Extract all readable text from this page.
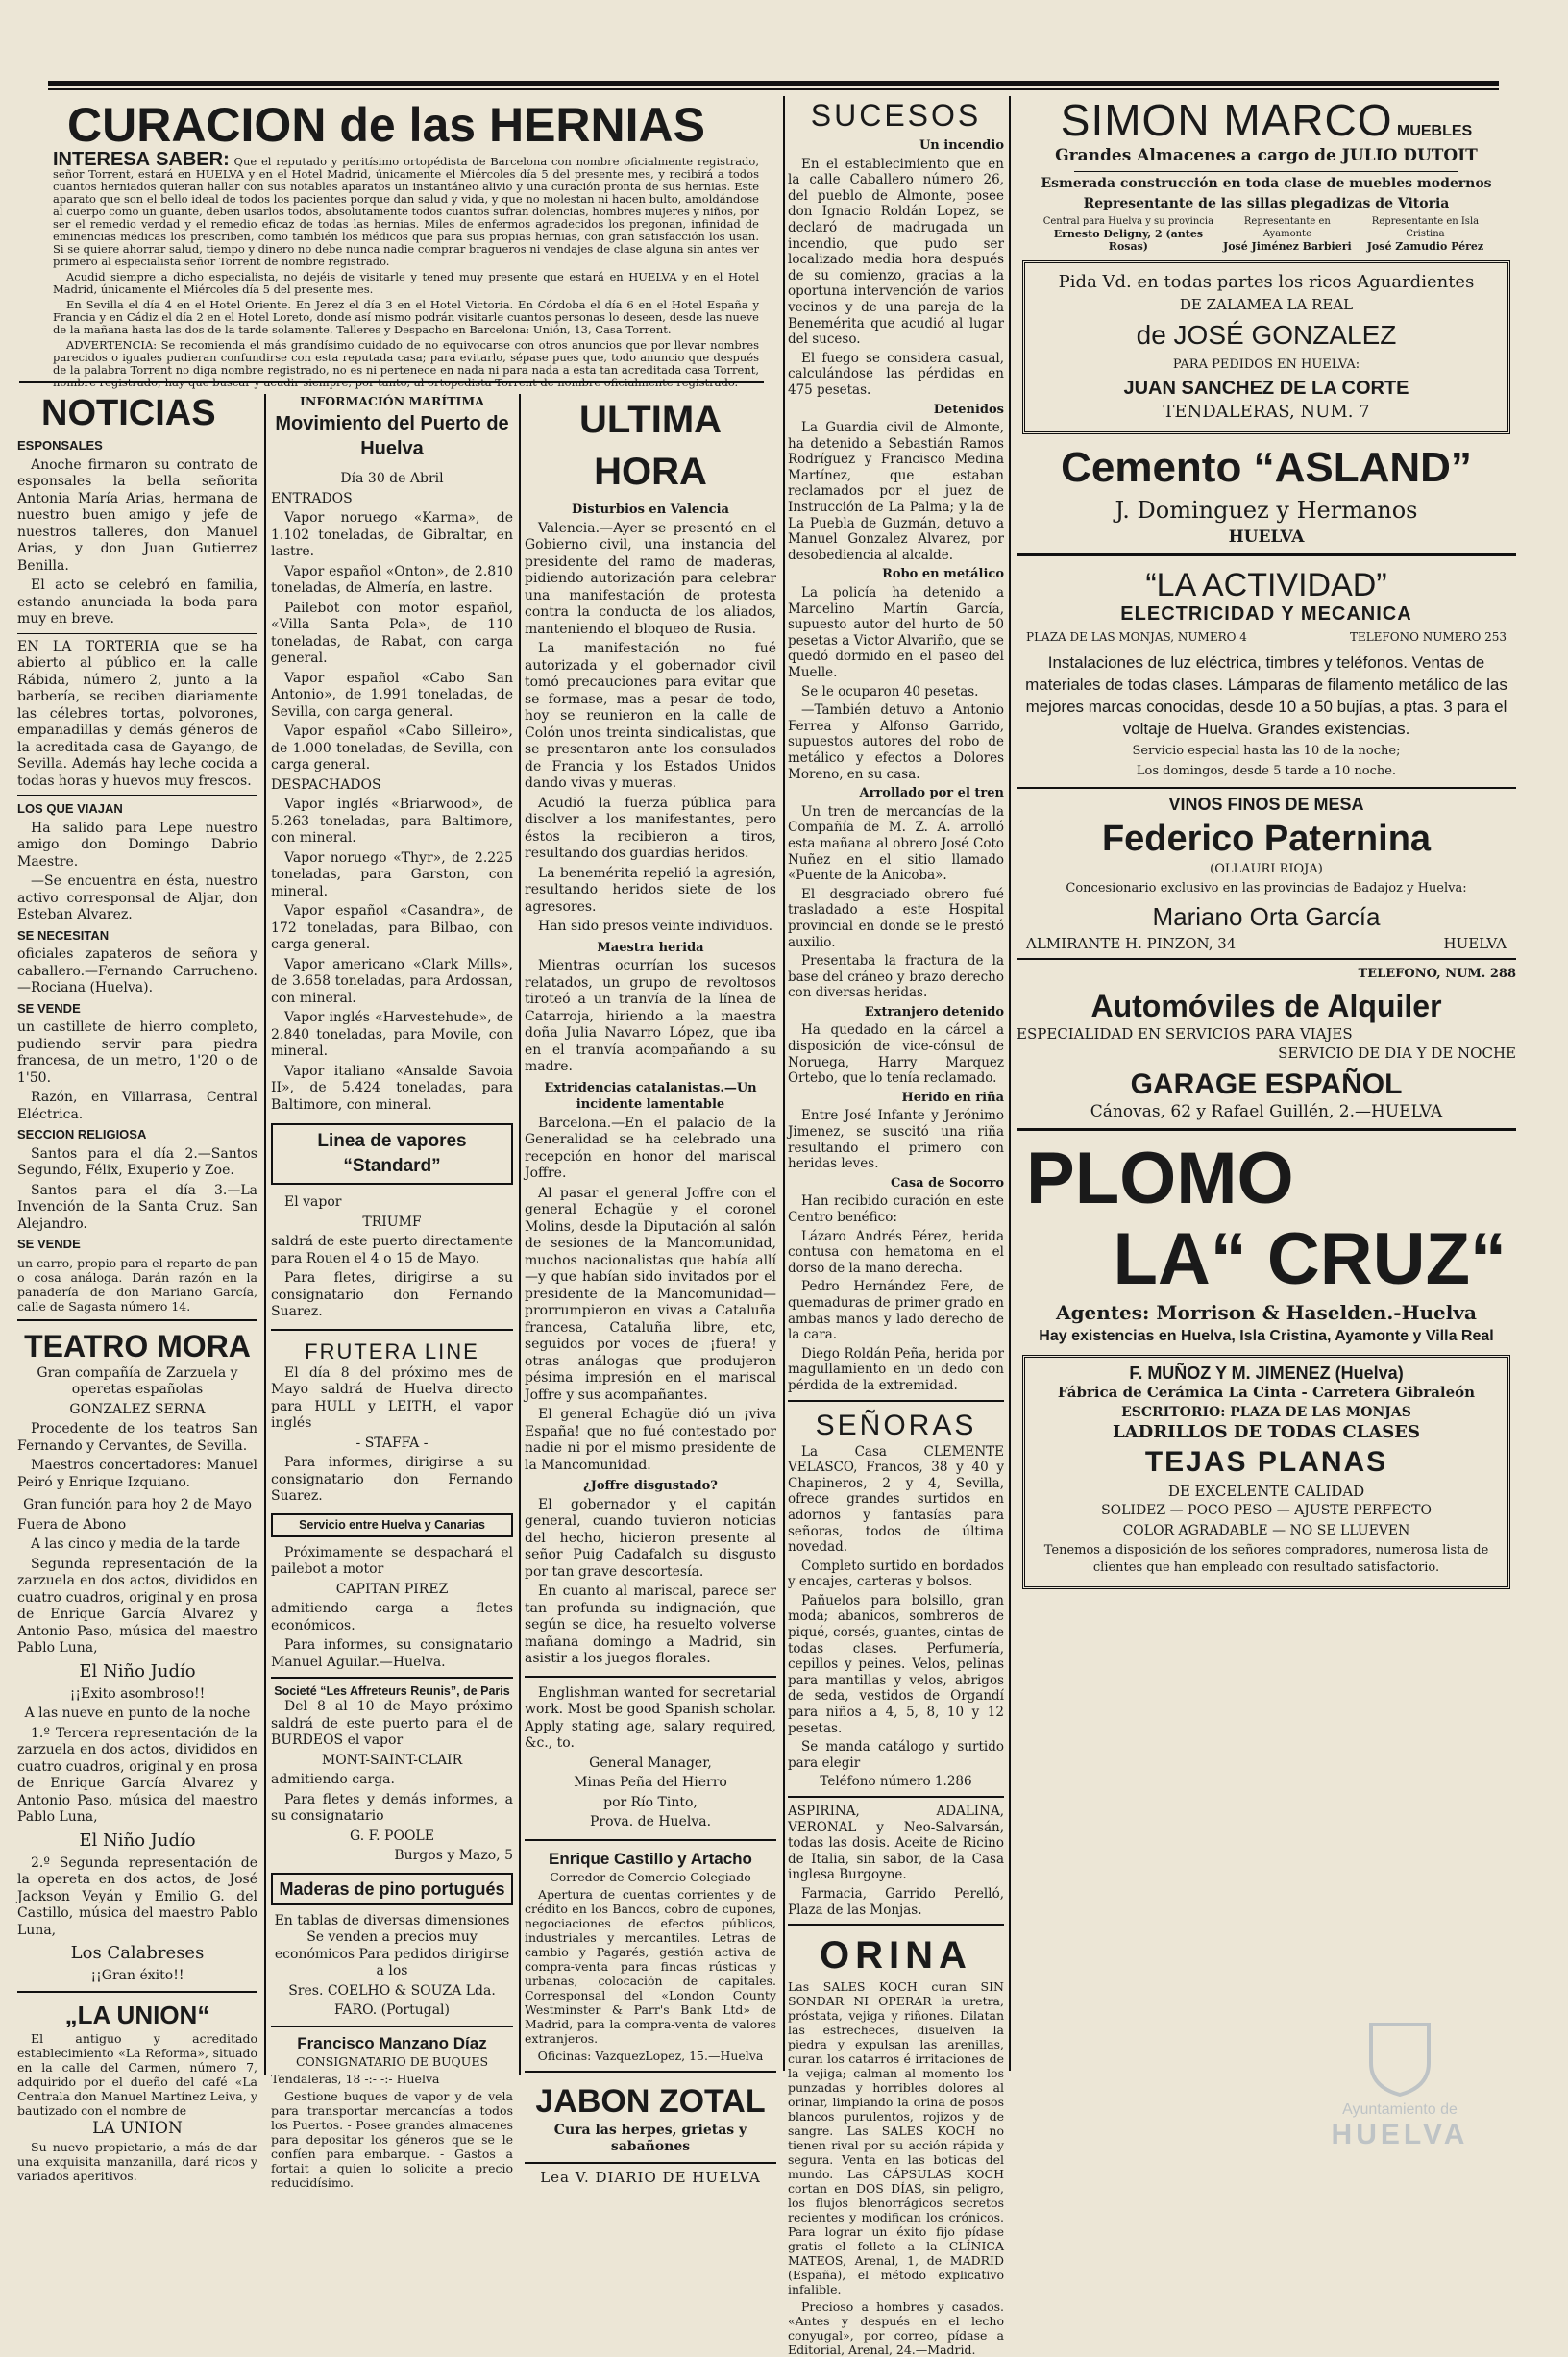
CURACION de las HERNIAS

INTERESA SABER: Que el reputado y peritísimo ortopédista de Barcelona con nombre oficialmente registrado, señor Torrent, estará en HUELVA y en el Hotel Madrid, únicamente el Miércoles día 5 del presente mes, y recibirá a todos cuantos herniados quieran hallar con sus notables aparatos un instantáneo alivio y una curación pronta de sus hernias. Este aparato que son el bello ideal de todos los pacientes porque dan salud y vida, y que no molestan ni hacen bulto, amoldándose al cuerpo como un guante, deben usarlos todos, absolutamente todos cuantos sufran dolencias, hombres mujeres y niños, por ser el remedio verdad y el remedio eficaz de todas las hernias. Miles de enfermos agradecidos los pregonan, infinidad de eminencias médicas los prescriben, como también los médicos que para sus propias hernias, con gran satisfacción los usan. Si se quiere ahorrar salud, tiempo y dinero no debe nunca nadie comprar bragueros ni vendajes de clase alguna sin antes ver primero al especialista señor Torrent de nombre registrado.

Acudid siempre a dicho especialista, no dejéis de visitarle y tened muy presente que estará en HUELVA y en el Hotel Madrid, únicamente el Miércoles día 5 del presente mes.

En Sevilla el día 4 en el Hotel Oriente. En Jerez el día 3 en el Hotel Victoria. En Córdoba el día 6 en el Hotel España y Francia y en Cádiz el día 2 en el Hotel Loreto, donde así mismo podrán visitarle cuantos personas lo deseen, desde las nueve de la mañana hasta las dos de la tarde solamente. Talleres y Despacho en Barcelona: Unión, 13, Casa Torrent.

ADVERTENCIA: Se recomienda el más grandísimo cuidado de no equivocarse con otros anuncios que por llevar nombres parecidos o iguales pudieran confundirse con esta reputada casa; para evitarlo, sépase pues que, todo anuncio que después de la palabra Torrent no diga nombre registrado, no es ni pertenece en nada ni para nada a esta tan acreditada casa Torrent,

NOTICIAS

ESPONSALES

Anoche firmaron su contrato de esponsales la bella señorita Antonia María Arias, hermana de nuestro buen amigo y jefe de nuestros talleres, don Manuel Arias, y don Juan Gutierrez Benilla.

El acto se celebró en familia, estando anunciada la boda para muy en breve.

EN LA TORTERIA que se ha abierto al público en la calle Rábida, número 2, junto a la barbería, se reciben diariamente las célebres tortas, polvorones, empanadillas y demás géneros de la acreditada casa de Gayango, de Sevilla. Además hay leche cocida a todas horas y huevos muy frescos.

LOS QUE VIAJAN

Ha salido para Lepe nuestro amigo don Domingo Dabrio Maestre.

—Se encuentra en ésta, nuestro activo corresponsal de Aljar, don Esteban Alvarez.

SE NECESITAN

oficiales zapateros de señora y caballero.—Fernando Carrucheno.—Rociana (Huelva).

SE VENDE

un castillete de hierro completo, pudiendo servir para piedra francesa, de un metro, 1'20 o de 1'50.

Razón, en Villarrasa, Central Eléctrica.

SECCION RELIGIOSA

Santos para el día 2.—Santos Segundo, Félix, Exuperio y Zoe.

Santos para el día 3.—La Invención de la Santa Cruz. San Alejandro.

SE VENDE

un carro, propio para el reparto de pan o cosa análoga. Darán razón en la panadería de don Mariano García, calle de Sagasta número 14.

TEATRO MORA

Gran compañía de Zarzuela y operetas españolas

GONZALEZ SERNA

Procedente de los teatros San Fernando y Cervantes, de Sevilla.

Maestros concertadores: Manuel Peiró y Enrique Izquiano.

Gran función para hoy 2 de Mayo

Fuera de Abono

A las cinco y media de la tarde

Segunda representación de la zarzuela en dos actos, divididos en cuatro cuadros, original y en prosa de Enrique García Alvarez y Antonio Paso, música del maestro Pablo Luna,

El Niño Judío

¡¡Exito asombroso!!

A las nueve en punto de la noche

1.º Tercera representación de la zarzuela en dos actos, divididos en cuatro cuadros, original y en prosa de Enrique García Alvarez y Antonio Paso, música del maestro Pablo Luna,

El Niño Judío

2.º Segunda representación de la opereta en dos actos, de José Jackson Veyán y Emilio G. del Castillo, música del maestro Pablo Luna,

Los Calabreses

¡¡Gran éxito!!

„LA UNION“

El antiguo y acreditado establecimiento «La Reforma», situado en la calle del Carmen, número 7, adquirido por el dueño del café «La Centrala don Manuel Martínez Leiva, y bautizado con el nombre de

LA UNION

Su nuevo propietario, a más de dar una exquisita manzanilla, dará ricos y variados aperitivos.

INFORMACIÓN MARÍTIMA

Movimiento del Puerto de Huelva

Día 30 de Abril

ENTRADOS

Vapor noruego «Karma», de 1.102 toneladas, de Gibraltar, en lastre.

Vapor español «Onton», de 2.810 toneladas, de Almería, en lastre.

Pailebot con motor español, «Villa Santa Pola», de 110 toneladas, de Rabat, con carga general.

Vapor español «Cabo San Antonio», de 1.991 toneladas, de Sevilla, con carga general.

Vapor español «Cabo Silleiro», de 1.000 toneladas, de Sevilla, con carga general.

DESPACHADOS

Vapor inglés «Briarwood», de 5.263 toneladas, para Baltimore, con mineral.

Vapor noruego «Thyr», de 2.225 toneladas, para Garston, con mineral.

Vapor español «Casandra», de 172 toneladas, para Bilbao, con carga general.

Vapor americano «Clark Mills», de 3.658 toneladas, para Ardossan, con mineral.

Vapor inglés «Harvestehude», de 2.840 toneladas, para Movile, con mineral.

Vapor italiano «Ansalde Savoia II», de 5.424 toneladas, para Baltimore, con mineral.

Linea de vapores “Standard”

El vapor

TRIUMF

saldrá de este puerto directamente para Rouen el 4 o 15 de Mayo.

Para fletes, dirigirse a su consignatario don Fernando Suarez.

FRUTERA LINE

El día 8 del próximo mes de Mayo saldrá de Huelva directo para HULL y LEITH, el vapor inglés

- STAFFA -

Para informes, dirigirse a su consignatario don Fernando Suarez.

Servicio entre Huelva y Canarias

Próximamente se despachará el pailebot a motor

CAPITAN PIREZ

admitiendo carga a fletes económicos.

Para informes, su consignatario Manuel Aguilar.—Huelva.

Societé “Les Affreteurs Reunis”, de Paris

Del 8 al 10 de Mayo próximo saldrá de este puerto para el de BURDEOS el vapor

MONT-SAINT-CLAIR

admitiendo carga.

Para fletes y demás informes, a su consignatario

G. F. POOLE

Burgos y Mazo, 5

Maderas de pino portugués

En tablas de diversas dimensiones Se venden a precios muy económicos Para pedidos dirigirse a los

Sres. COELHO & SOUZA Lda.

FARO. (Portugal)

Francisco Manzano Díaz

CONSIGNATARIO DE BUQUES

Tendaleras, 18 -:- -:- Huelva

Gestione buques de vapor y de vela para transportar mercancías a todos los Puertos. - Posee grandes almacenes para depositar los géneros que se le confíen para embarque. - Gastos a fortait a quien lo solicite a precio reducidísimo.

ULTIMA HORA

Disturbios en Valencia

Valencia.—Ayer se presentó en el Gobierno civil, una instancia del presidente del ramo de maderas, pidiendo autorización para celebrar una manifestación de protesta contra la conducta de los aliados, manteniendo el bloqueo de Rusia.

La manifestación no fué autorizada y el gobernador civil tomó precauciones para evitar que se formase, mas a pesar de todo, hoy se reunieron en la calle de Colón unos treinta sindicalistas, que se presentaron ante los consulados de Francia y los Estados Unidos dando vivas y mueras.

Acudió la fuerza pública para disolver a los manifestantes, pero éstos la recibieron a tiros, resultando dos guardias heridos.

La benemérita repelió la agresión, resultando heridos siete de los agresores.

Han sido presos veinte individuos.

Maestra herida

Mientras ocurrían los sucesos relatados, un grupo de revoltosos tiroteó a un tranvía de la línea de Catarroja, hiriendo a la maestra doña Julia Navarro López, que iba en el tranvía acompañando a su madre.

Extridencias catalanistas.—Un incidente lamentable

Barcelona.—En el palacio de la Generalidad se ha celebrado una recepción en honor del mariscal Joffre.

Al pasar el general Joffre con el general Echagüe y el coronel Molins, desde la Diputación al salón de sesiones de la Mancomunidad, muchos nacionalistas que había allí—y que habían sido invitados por el presidente de la Mancomunidad—prorrumpieron en vivas a Cataluña francesa, Cataluña libre, etc, seguidos por voces de ¡fuera! y otras análogas que produjeron pésima impresión en el mariscal Joffre y sus acompañantes.

El general Echagüe dió un ¡viva España! que no fué contestado por nadie ni por el mismo presidente de la Mancomunidad.

¿Joffre disgustado?

El gobernador y el capitán general, cuando tuvieron noticias del hecho, hicieron presente al señor Puig Cadafalch su disgusto por tan grave descortesía.

En cuanto al mariscal, parece ser tan profunda su indignación, que según se dice, ha resuelto volverse mañana domingo a Madrid, sin asistir a los juegos florales.

Englishman wanted for secretarial work. Most be good Spanish scholar. Apply stating age, salary required, &c., to.

General Manager,

Minas Peña del Hierro

por Río Tinto,

Prova. de Huelva.

Enrique Castillo y Artacho

Corredor de Comercio Colegiado

Apertura de cuentas corrientes y de crédito en los Bancos, cobro de cupones, negociaciones de efectos públicos, industriales y mercantiles. Letras de cambio y Pagarés, gestión activa de compra-venta para fincas rústicas y urbanas, colocación de capitales. Corresponsal del «London County Westminster & Parr's Bank Ltd» de Madrid, para la compra-venta de valores extranjeros.

Oficinas: VazquezLopez, 15.—Huelva

JABON ZOTAL

Cura las herpes, grietas y sabañones

Lea V. DIARIO DE HUELVA

SUCESOS

Un incendio

En el establecimiento que en la calle Caballero número 26, del pueblo de Almonte, posee don Ignacio Roldán Lopez, se declaró de madrugada un incendio, que pudo ser localizado media hora después de su comienzo, gracias a la oportuna intervención de varios vecinos y de una pareja de la Benemérita que acudió al lugar del suceso.

El fuego se considera casual, calculándose las pérdidas en 475 pesetas.

Detenidos

La Guardia civil de Almonte, ha detenido a Sebastián Ramos Rodríguez y Francisco Medina Martínez, que estaban reclamados por el juez de Instrucción de La Palma; y la de La Puebla de Guzmán, detuvo a Manuel Gonzalez Alvarez, por desobediencia al alcalde.

Robo en metálico

La policía ha detenido a Marcelino Martín García, supuesto autor del hurto de 50 pesetas a Victor Alvariño, que se quedó dormido en el paseo del Muelle.

Se le ocuparon 40 pesetas.

—También detuvo a Antonio Ferrea y Alfonso Garrido, supuestos autores del robo de metálico y efectos a Dolores Moreno, en su casa.

Arrollado por el tren

Un tren de mercancías de la Compañía de M. Z. A. arrolló esta mañana al obrero José Coto Nuñez en el sitio llamado «Puente de la Anicoba».

El desgraciado obrero fué trasladado a este Hospital provincial en donde se le prestó auxilio.

Presentaba la fractura de la base del cráneo y brazo derecho con diversas heridas.

Extranjero detenido

Ha quedado en la cárcel a disposición de vice-cónsul de Noruega, Harry Marquez Ortebo, que lo tenía reclamado.

Herido en riña

Entre José Infante y Jerónimo Jimenez, se suscitó una riña resultando el primero con heridas leves.

Casa de Socorro

Han recibido curación en este Centro benéfico:

Lázaro Andrés Pérez, herida contusa con hematoma en el dorso de la mano derecha.

Pedro Hernández Fere, de quemaduras de primer grado en ambas manos y lado derecho de la cara.

Diego Roldán Peña, herida por magullamiento en un dedo con pérdida de la extremidad.

SEÑORAS

La Casa CLEMENTE VELASCO, Francos, 38 y 40 y Chapineros, 2 y 4, Sevilla, ofrece grandes surtidos en adornos y fantasías para señoras, todos de última novedad.

Completo surtido en bordados y encajes, carteras y bolsos.

Pañuelos para bolsillo, gran moda; abanicos, sombreros de piqué, corsés, guantes, cintas de todas clases. Perfumería, cepillos y peines. Velos, pelinas para mantillas y velos, abrigos de seda, vestidos de Organdí para niños a 4, 5, 8, 10 y 12 pesetas.

Se manda catálogo y surtido para elegir

Teléfono número 1.286

ASPIRINA, ADALINA, VERONAL y Neo-Salvarsán, todas las dosis. Aceite de Ricino de Italia, sin sabor, de la Casa inglesa Burgoyne.

Farmacia, Garrido Perelló, Plaza de las Monjas.

ORINA

Las SALES KOCH curan SIN SONDAR NI OPERAR la uretra, próstata, vejiga y riñones. Dilatan las estrecheces, disuelven la piedra y expulsan las arenillas, curan los catarros é irritaciones de la vejiga; calman al momento los punzadas y horribles dolores al orinar, limpiando la orina de posos blancos purulentos, rojizos y de sangre. Las SALES KOCH no tienen rival por su acción rápida y segura. Venta en las boticas del mundo. Las CÁPSULAS KOCH cortan en DOS DÍAS, sin peligro, los flujos blenorrágicos secretos recientes y modifican los crónicos. Para lograr un éxito fijo pídase gratis el folleto a la CLÍNICA MATEOS, Arenal, 1, de MADRID (España), el método explicativo infalible.

Precioso a hombres y casados. «Antes y después en el lecho conyugal», por correo, pídase a Editorial, Arenal, 24.—Madrid.

SIMON MARCO MUEBLES

Grandes Almacenes a cargo de JULIO DUTOIT

Esmerada construcción en toda clase de muebles modernos

Representante de las sillas plegadizas de Vitoria

Central para Huelva y su provincia
Ernesto Deligny, 2 (antes Rosas)
Representante en Ayamonte
José Jiménez Barbieri
Representante en Isla Cristina
José Zamudio Pérez

Pida Vd. en todas partes los ricos Aguardientes

DE ZALAMEA LA REAL

de JOSÉ GONZALEZ

PARA PEDIDOS EN HUELVA:

JUAN SANCHEZ DE LA CORTE

TENDALERAS, NUM. 7

Cemento “ASLAND”

J. Dominguez y Hermanos

HUELVA

“LA ACTIVIDAD”

ELECTRICIDAD Y MECANICA

PLAZA DE LAS MONJAS, NUMERO 4	TELEFONO NUMERO 253

Instalaciones de luz eléctrica, timbres y teléfonos. Ventas de materiales de todas clases. Lámparas de filamento metálico de las mejores marcas conocidas, desde 10 a 50 bujías, a ptas. 3 para el voltaje de Huelva. Grandes existencias.

Servicio especial hasta las 10 de la noche;

Los domingos, desde 5 tarde a 10 noche.

VINOS FINOS DE MESA

Federico Paternina

(OLLAURI RIOJA)

Concesionario exclusivo en las provincias de Badajoz y Huelva:

Mariano Orta García

ALMIRANTE H. PINZON, 34	HUELVA

TELEFONO, NUM. 288

Automóviles de Alquiler

ESPECIALIDAD EN SERVICIOS PARA VIAJES

SERVICIO DE DIA Y DE NOCHE

GARAGE ESPAÑOL

Cánovas, 62 y Rafael Guillén, 2.—HUELVA

PLOMO
LA“ CRUZ“

Agentes: Morrison & Haselden.-Huelva

Hay existencias en Huelva, Isla Cristina, Ayamonte y Villa Real

F. MUÑOZ Y M. JIMENEZ (Huelva)

Fábrica de Cerámica La Cinta - Carretera Gibraleón

ESCRITORIO: PLAZA DE LAS MONJAS

LADRILLOS DE TODAS CLASES

TEJAS PLANAS

DE EXCELENTE CALIDAD

SOLIDEZ — POCO PESO — AJUSTE PERFECTO

COLOR AGRADABLE — NO SE LLUEVEN

Tenemos a disposición de los señores compradores, numerosa lista de clientes que han empleado con resultado satisfactorio.

Ayuntamiento de
HUELVA
